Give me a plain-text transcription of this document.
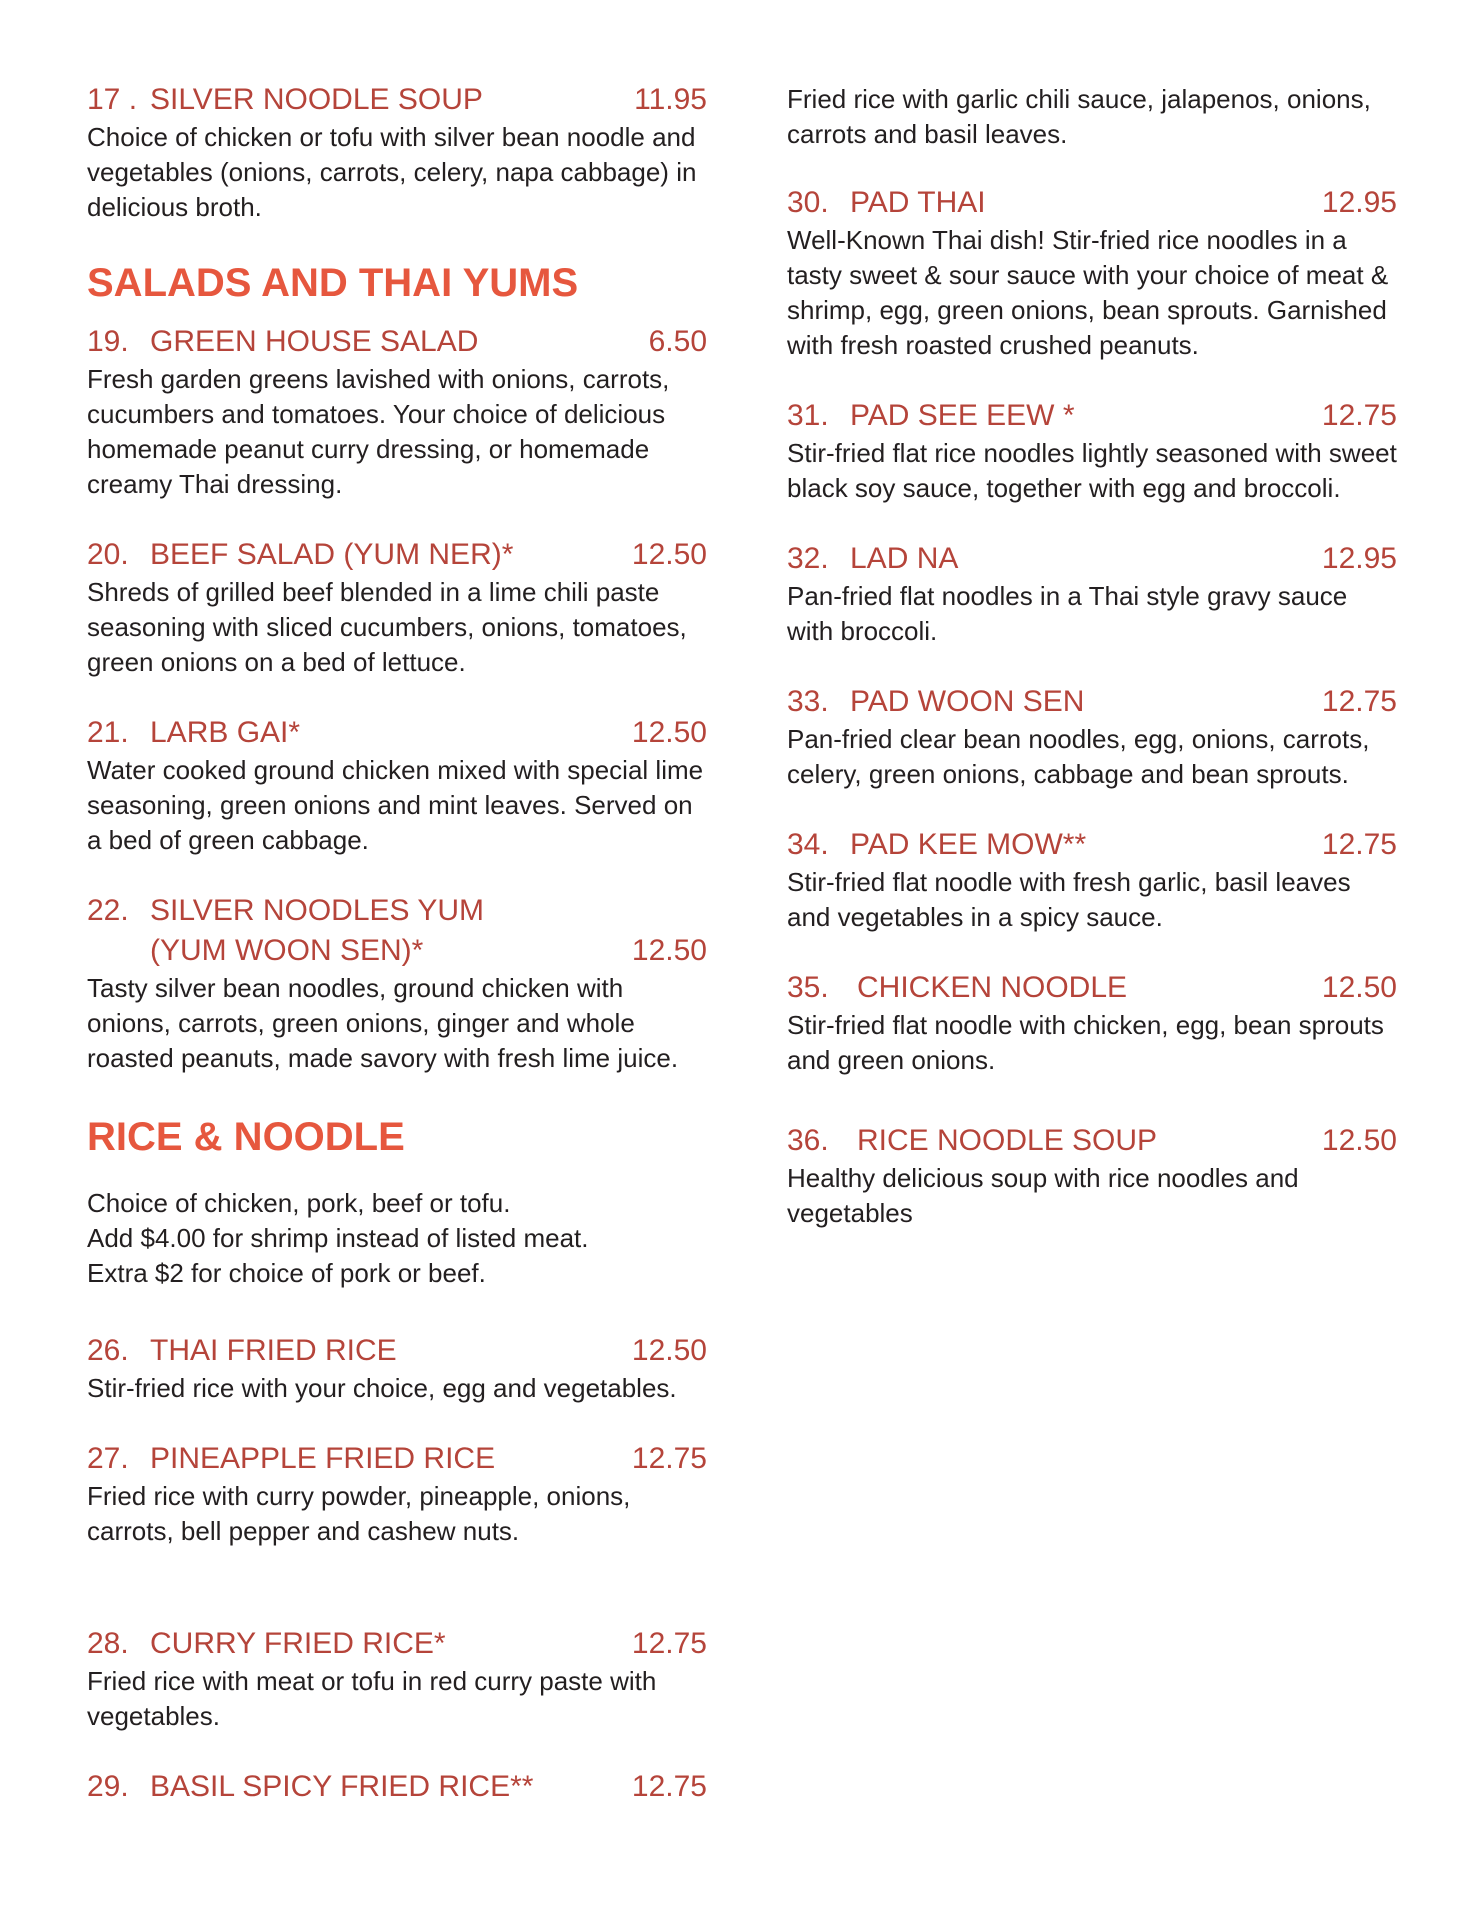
17 . SILVER NOODLE SOUP	11.95
Choice of chicken or tofu with silver bean noodle and vegetables (onions, carrots, celery, napa cabbage) in delicious broth.
SALADS AND THAI YUMS
19. GREEN HOUSE SALAD	6.50
Fresh garden greens lavished with onions, carrots, cucumbers and tomatoes. Your choice of delicious homemade peanut curry dressing, or homemade creamy Thai dressing.
20. BEEF SALAD (YUM NER)*	12.50
Shreds of grilled beef blended in a lime chili paste seasoning with sliced cucumbers, onions, tomatoes, green onions on a bed of lettuce.
21. LARB GAI*	12.50
Water cooked ground chicken mixed with special lime seasoning, green onions and mint leaves. Served on a bed of green cabbage.
22. SILVER NOODLES YUM
(YUM WOON SEN)*	12.50
Tasty silver bean noodles, ground chicken with onions, carrots, green onions, ginger and whole roasted peanuts, made savory with fresh lime juice.
RICE & NOODLE
Choice of chicken, pork, beef or tofu.
Add $4.00 for shrimp instead of listed meat.
Extra $2 for choice of pork or beef.
26. THAI FRIED RICE	12.50
Stir-fried rice with your choice, egg and vegetables.
27. PINEAPPLE FRIED RICE	12.75
Fried rice with curry powder, pineapple, onions, carrots, bell pepper and cashew nuts.
28. CURRY FRIED RICE*	12.75
Fried rice with meat or tofu in red curry paste with vegetables.
29. BASIL SPICY FRIED RICE**	12.75
Fried rice with garlic chili sauce, jalapenos, onions, carrots and basil leaves.
30. PAD THAI	12.95
Well-Known Thai dish! Stir-fried rice noodles in a tasty sweet & sour sauce with your choice of meat & shrimp, egg, green onions, bean sprouts. Garnished with fresh roasted crushed peanuts.
31. PAD SEE EEW *	12.75
Stir-fried flat rice noodles lightly seasoned with sweet black soy sauce, together with egg and broccoli.
32. LAD NA	12.95
Pan-fried flat noodles in a Thai style gravy sauce with broccoli.
33. PAD WOON SEN	12.75
Pan-fried clear bean noodles, egg, onions, carrots, celery, green onions, cabbage and bean sprouts.
34. PAD KEE MOW**	12.75
Stir-fried flat noodle with fresh garlic, basil leaves and vegetables in a spicy sauce.
35. CHICKEN NOODLE	12.50
Stir-fried flat noodle with chicken, egg, bean sprouts and green onions.
36. RICE NOODLE SOUP	12.50
Healthy delicious soup with rice noodles and vegetables
